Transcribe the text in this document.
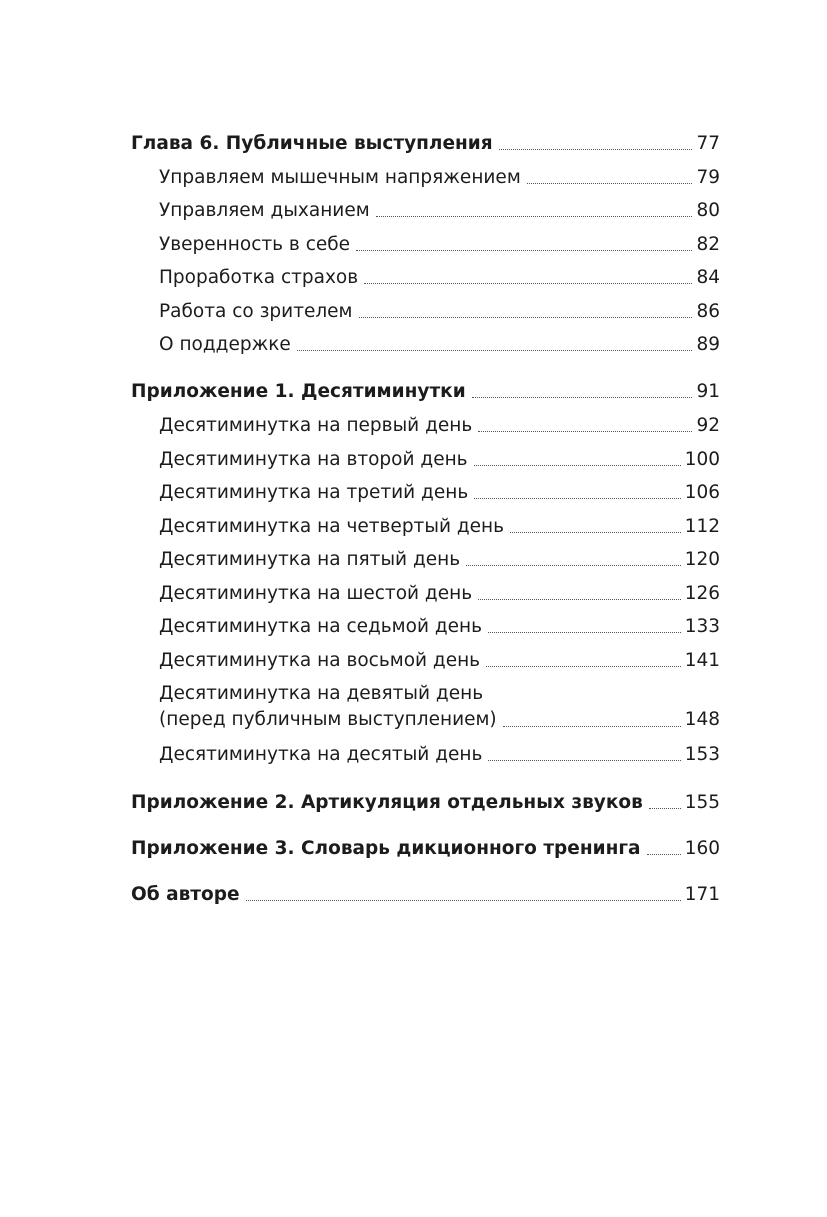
Глава 6. Публичные выступления	77
Управляем мышечным напряжением	79
Управляем дыханием	80
Уверенность в себе	82
Проработка страхов	84
Работа со зрителем	86
О поддержке	89
Приложение 1. Десятиминутки	91
Десятиминутка на первый день	92
Десятиминутка на второй день	100
Десятиминутка на третий день	106
Десятиминутка на четвертый день	112
Десятиминутка на пятый день	120
Десятиминутка на шестой день	126
Десятиминутка на седьмой день	133
Десятиминутка на восьмой день	141
Десятиминутка на девятый день
(перед публичным выступлением)	148
Десятиминутка на десятый день	153
Приложение 2. Артикуляция отдельных звуков 155
Приложение 3. Словарь дикционного тренинга 160
Об авторе	171
